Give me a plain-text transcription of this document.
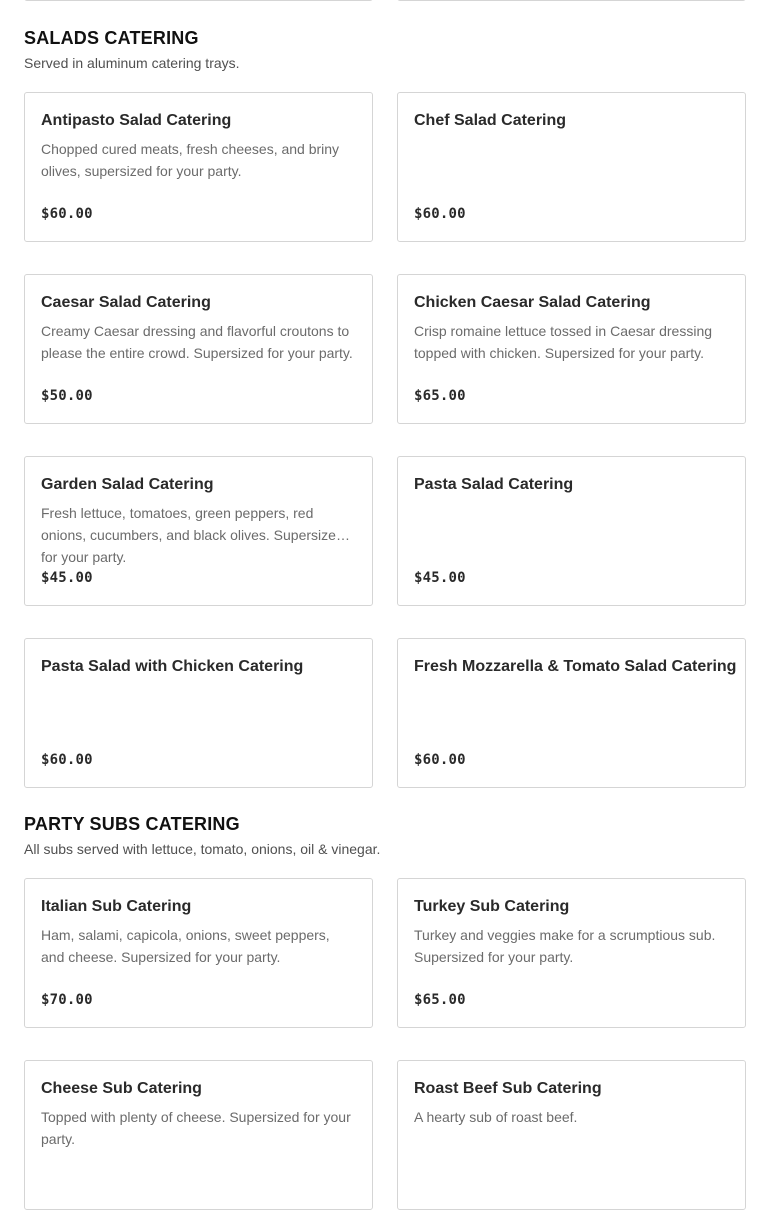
SALADS CATERING

Served in aluminum catering trays.

Antipasto Salad Catering
Chopped cured meats, fresh cheeses, and briny olives, supersized for your party.
$60.00
Chef Salad Catering
$60.00
Caesar Salad Catering
Creamy Caesar dressing and flavorful croutons to please the entire crowd. Supersized for your party.
$50.00
Chicken Caesar Salad Catering
Crisp romaine lettuce tossed in Caesar dressing topped with chicken. Supersized for your party.
$65.00
Garden Salad Catering
Fresh lettuce, tomatoes, green peppers, red onions, cucumbers, and black olives. Supersized for your party.
$45.00
Pasta Salad Catering
$45.00
Pasta Salad with Chicken Catering
$60.00
Fresh Mozzarella & Tomato Salad Catering
$60.00
PARTY SUBS CATERING

All subs served with lettuce, tomato, onions, oil & vinegar.

Italian Sub Catering
Ham, salami, capicola, onions, sweet peppers, and cheese. Supersized for your party.
$70.00
Turkey Sub Catering
Turkey and veggies make for a scrumptious sub. Supersized for your party.
$65.00
Cheese Sub Catering
Topped with plenty of cheese. Supersized for your party.
Roast Beef Sub Catering
A hearty sub of roast beef.
